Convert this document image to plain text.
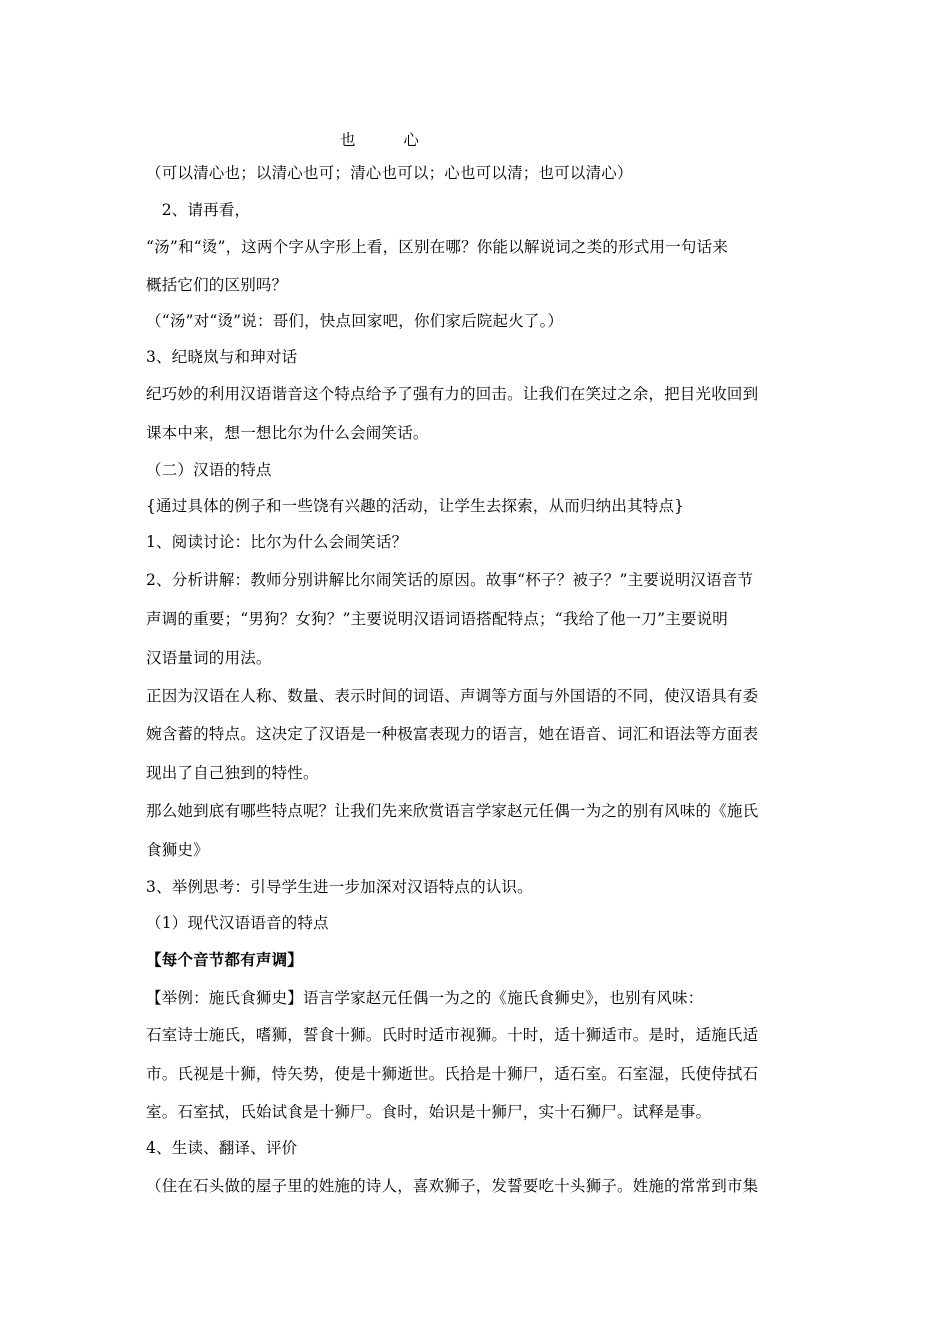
也	心
（可以清心也；以清心也可；清心也可以；心也可以清；也可以清心）
　2、请再看，
“汤”和“烫”，这两个字从字形上看，区别在哪？你能以解说词之类的形式用一句话来
概括它们的区别吗？
（“汤”对“烫”说：哥们，快点回家吧，你们家后院起火了。）
3、纪晓岚与和珅对话
纪巧妙的利用汉语谐音这个特点给予了强有力的回击。让我们在笑过之余，把目光收回到
课本中来，想一想比尔为什么会闹笑话。
（二）汉语的特点
{通过具体的例子和一些饶有兴趣的活动，让学生去探索，从而归纳出其特点}
1、阅读讨论：比尔为什么会闹笑话？
2、分析讲解：教师分别讲解比尔闹笑话的原因。故事“杯子？被子？”主要说明汉语音节
声调的重要；“男狗？女狗？”主要说明汉语词语搭配特点；“我给了他一刀”主要说明
汉语量词的用法。
正因为汉语在人称、数量、表示时间的词语、声调等方面与外国语的不同，使汉语具有委
婉含蓄的特点。这决定了汉语是一种极富表现力的语言，她在语音、词汇和语法等方面表
现出了自己独到的特性。
那么她到底有哪些特点呢？让我们先来欣赏语言学家赵元任偶一为之的别有风味的《施氏
食狮史》
3、举例思考：引导学生进一步加深对汉语特点的认识。
（1）现代汉语语音的特点
【每个音节都有声调】
【举例：施氏食狮史】语言学家赵元任偶一为之的《施氏食狮史》，也别有风味：
石室诗士施氏，嗜狮，誓食十狮。氏时时适市视狮。十时，适十狮适市。是时，适施氏适
市。氏视是十狮，恃矢势，使是十狮逝世。氏拾是十狮尸，适石室。石室湿，氏使侍拭石
室。石室拭，氏始试食是十狮尸。食时，始识是十狮尸，实十石狮尸。试释是事。
4、生读、翻译、评价
（住在石头做的屋子里的姓施的诗人，喜欢狮子，发誓要吃十头狮子。姓施的常常到市集
